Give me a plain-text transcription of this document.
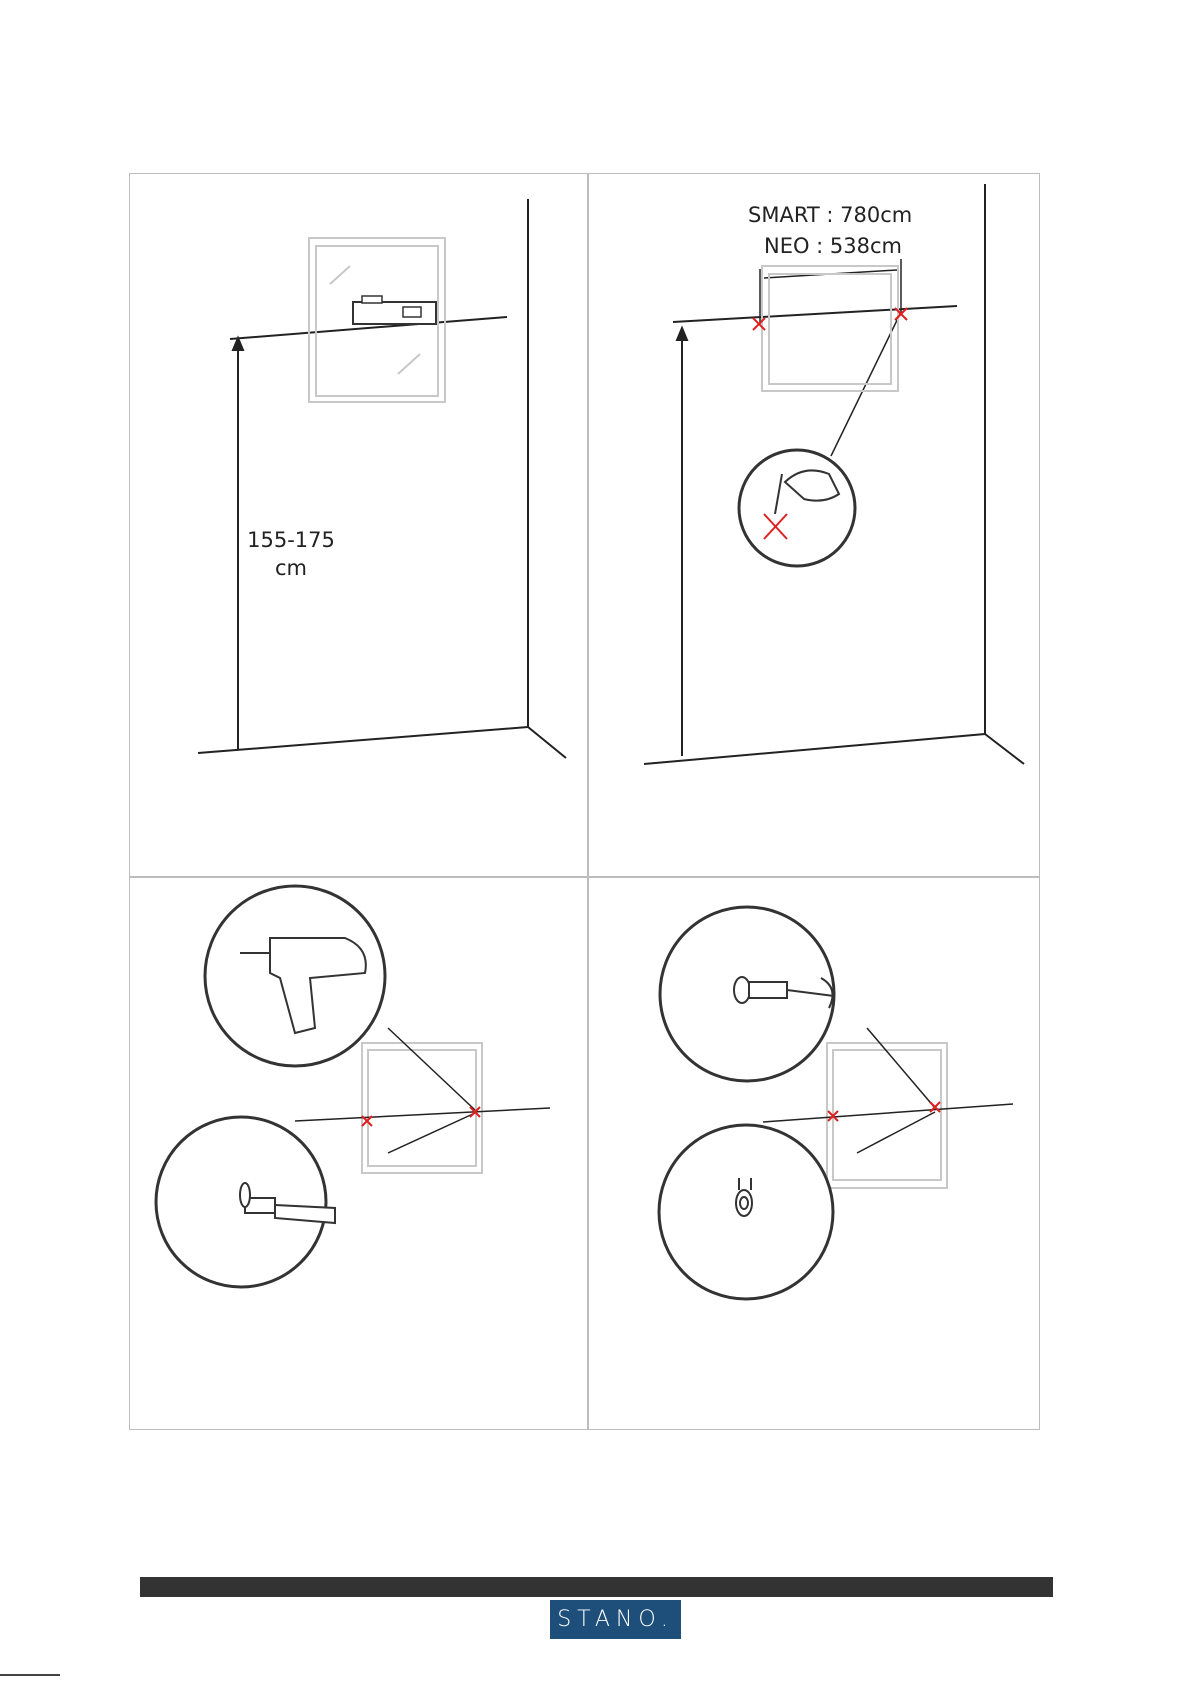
155-175
cm
SMART : 780cm
NEO : 538cm
STANO.
